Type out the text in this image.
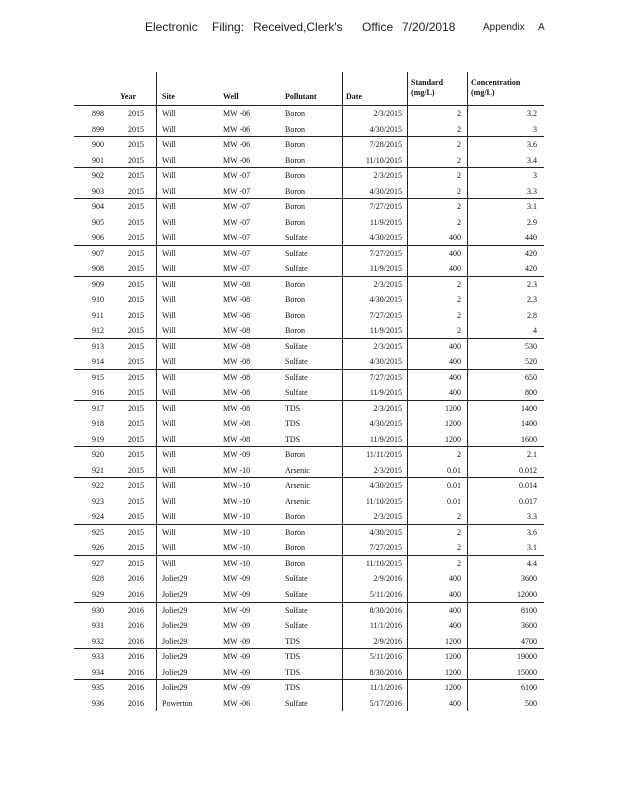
Electronic Filing: Received,Clerk's Office 7/20/2018	Appendix A
Year	Site	Well	Pollutant	Date
Standard
(mg/L)
Concentration
(mg/L)
898	2015 Will	MW -06	Boron	2/3/2015	2	3.2
899	2015 Will	MW -06	Boron	4/30/2015	2	3
900	2015 Will	MW -06	Boron	7/28/2015	2	3.6
901	2015 Will	MW -06	Boron	11/10/2015	2	3.4
902	2015 Will	MW -07	Boron	2/3/2015	2	3
903	2015 Will	MW -07	Boron	4/30/2015	2	3.3
904	2015 Will	MW -07	Boron	7/27/2015	2	3.1
905	2015 Will	MW -07	Boron	11/9/2015	2	2.9
906	2015 Will	MW -07	Sulfate	4/30/2015	400	440
907	2015 Will	MW -07	Sulfate	7/27/2015	400	420
908	2015 Will	MW -07	Sulfate	11/9/2015	400	420
909	2015 Will	MW -08	Boron	2/3/2015	2	2.3
910	2015 Will	MW -08	Boron	4/30/2015	2	2.3
911	2015 Will	MW -08	Boron	7/27/2015	2	2.8
912	2015 Will	MW -08	Boron	11/9/2015	2	4
913	2015 Will	MW -08	Sulfate	2/3/2015	400	530
914	2015 Will	MW -08	Sulfate	4/30/2015	400	520
915	2015 Will	MW -08	Sulfate	7/27/2015	400	650
916	2015 Will	MW -08	Sulfate	11/9/2015	400	800
917	2015 Will	MW -08	TDS	2/3/2015	1200	1400
918	2015 Will	MW -08	TDS	4/30/2015	1200	1400
919	2015 Will	MW -08	TDS	11/9/2015	1200	1600
920	2015 Will	MW -09	Boron	11/11/2015	2	2.1
921	2015 Will	MW -10	Arsenic	2/3/2015	0.01	0.012
922	2015 Will	MW -10	Arsenic	4/30/2015	0.01	0.014
923	2015 Will	MW -10	Arsenic	11/10/2015	0.01	0.017
924	2015 Will	MW -10	Boron	2/3/2015	2	3.3
925	2015 Will	MW -10	Boron	4/30/2015	2	3.6
926	2015 Will	MW -10	Boron	7/27/2015	2	3.1
927	2015 Will	MW -10	Boron	11/10/2015	2	4.4
928	2016 Joliet29	MW -09	Sulfate	2/9/2016	400	3600
929	2016 Joliet29	MW -09	Sulfate	5/11/2016	400	12000
930	2016 Joliet29	MW -09	Sulfate	8/30/2016	400	8100
931	2016 Joliet29	MW -09	Sulfate	11/1/2016	400	3600
932	2016 Joliet29	MW -09	TDS	2/9/2016	1200	4700
933	2016 Joliet29	MW -09	TDS	5/11/2016	1200	19000
934	2016 Joliet29	MW -09	TDS	8/30/2016	1200	15000
935	2016 Joliet29	MW -09	TDS	11/1/2016	1200	6100
936	2016 Powerton	MW -06	Sulfate	5/17/2016	400	500
